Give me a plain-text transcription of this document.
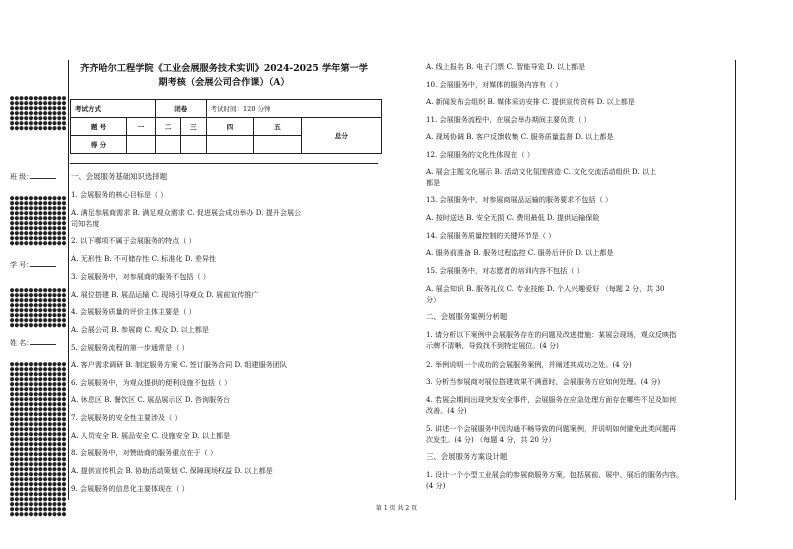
●●●●●●●●●●●●
●●●●●●●●●●●●
●●●●●●●●●●●●
●●●●●●●●●●●●
●●●●●●●●●●●●
●●●●●●●●●●●●
●●●●●●●●●●●●
班 级：
●●●●●●●●●●●●
●●●●●●●●●●●●
●●●●●●●●●●●●
●●●●●●●●●●●●
●●●●●●●●●●●●
●●●●●●●●●●●●
●●●●●●●●●●●●
●●●●●●●●●●●●
●●●●●●●●●●●●
●●●●●●●●●●●●
学 号：
●●●●●●●●●●●●
●●●●●●●●●●●●
●●●●●●●●●●●●
●●●●●●●●●●●●
●●●●●●●●●●●●
●●●●●●●●●●●●
●●●●●●●●●●●●
●●●●●●●●●●●●
姓 名：
●●●●●●●●●●●●
●●●●●●●●●●●●
●●●●●●●●●●●●
●●●●●●●●●●●●
●●●●●●●●●●●●
●●●●●●●●●●●●
●●●●●●●●●●●●
●●●●●●●●●●●●
●●●●●●●●●●●●
●●●●●●●●●●●●
●●●●●●●●●●●●
●●●●●●●●●●●●
●●●●●●●●●●●●
●●●●●●●●●●●●
●●●●●●●●●●●●
●●●●●●●●●●●●
●●●●●●●●●●●●
●●●●●●●●●●●●
●●●●●●●●●●●●
●●●●●●●●●●●●
●●●●●●●●●●●●
●●●●●●●●●●●●
●●●●●●●●●●●●
●●●●●●●●●●●●
●●●●●●●●●●●●
●●●●●●●●●●●●
●●●●●●●●●●●●
●●●●●●●●●●●●
●●●●●●●●●●●●
●●●●●●●●●●●●
●●●●●●●●●●●●
齐齐哈尔工程学院《工业会展服务技术实训》2024-2025 学年第一学
期考核（会展公司合作课）（A）
考试方式		闭卷		考试时间：120 分钟		
题 号	一	二	三	四	五	总分
得 分						
一、会展服务基础知识选择题
1. 会展服务的核心目标是（ ）
A. 满足参展商需求 B. 满足观众需求 C. 促进展会成功举办 D. 提升会展公
司知名度
2. 以下哪项不属于会展服务的特点（ ）
A. 无形性 B. 不可储存性 C. 标准化 D. 差异性
3. 会展服务中，对参展商的服务不包括（ ）
A. 展位搭建 B. 展品运输 C. 现场引导观众 D. 展前宣传推广
4. 会展服务质量的评价主体主要是（ ）
A. 会展公司 B. 参展商 C. 观众 D. 以上都是
5. 会展服务流程的第一步通常是（ ）
A. 客户需求调研 B. 制定服务方案 C. 签订服务合同 D. 组建服务团队
6. 会展服务中，为观众提供的便利设施不包括（ ）
A. 休息区 B. 餐饮区 C. 展品展示区 D. 咨询服务台
7. 会展服务的安全性主要涉及（ ）
A. 人员安全 B. 展品安全 C. 设施安全 D. 以上都是
8. 会展服务中，对赞助商的服务重点在于（ ）
A. 提供宣传机会 B. 协助活动策划 C. 保障现场权益 D. 以上都是
9. 会展服务的信息化主要体现在（ ）
A. 线上报名 B. 电子门票 C. 智能导览 D. 以上都是
10. 会展服务中，对媒体的服务内容有（ ）
A. 新闻发布会组织 B. 媒体采访安排 C. 提供宣传资料 D. 以上都是
11. 会展服务流程中，在展会举办期间主要负责（ ）
A. 现场协调 B. 客户反馈收集 C. 服务质量监督 D. 以上都是
12. 会展服务的文化性体现在（ ）
A. 展会主题文化展示 B. 活动文化氛围营造 C. 文化交流活动组织 D. 以上
都是
13. 会展服务中，对参展商展品运输的服务要求不包括（ ）
A. 按时送达 B. 安全无损 C. 费用最低 D. 提供运输保险
14. 会展服务质量控制的关键环节是（ ）
A. 服务前准备 B. 服务过程监控 C. 服务后评价 D. 以上都是
15. 会展服务中，对志愿者的培训内容不包括（ ）
A. 展会知识 B. 服务礼仪 C. 专业技能 D. 个人兴趣爱好 （每题 2 分，共 30
分）
二、会展服务案例分析题
1. 请分析以下案例中会展服务存在的问题及改进措施：某展会现场，观众反映指
示牌不清晰，导致找不到特定展位。(4 分)
2. 举例说明一个成功的会展服务案例，并阐述其成功之处。(4 分)
3. 分析当参展商对展位搭建效果不满意时，会展服务方应如何处理。(4 分)
4. 若展会期间出现突发安全事件，会展服务在应急处理方面存在哪些不足及如何
改善。(4 分)
5. 讲述一个会展服务中因沟通不畅导致的问题案例，并说明如何避免此类问题再
次发生。(4 分) （每题 4 分，共 20 分）
三、会展服务方案设计题
1. 设计一个小型工业展会的参展商服务方案，包括展前、展中、展后的服务内容。
(4 分)
第 1 页 共 2 页
